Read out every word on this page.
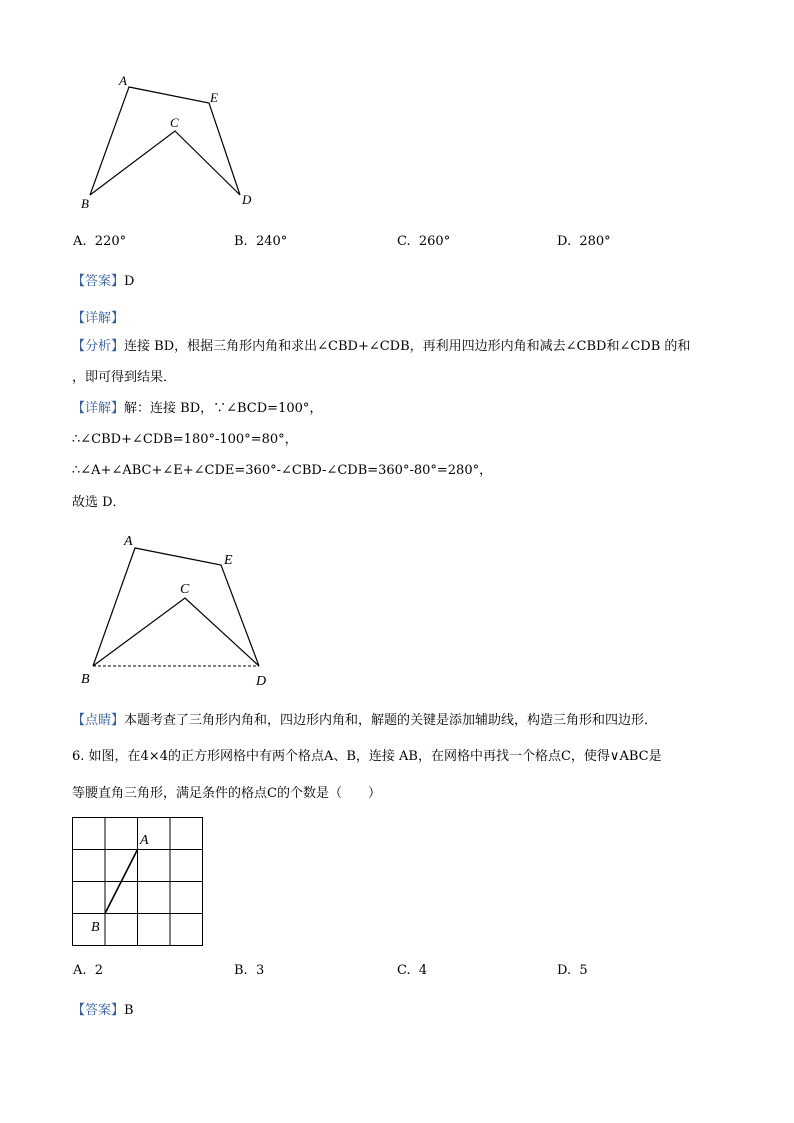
A
E
C
B	D
A. 220°	B. 240°	C. 260°	D. 280°
【答案】D
【详解】
【分析】连接 BD，根据三角形内角和求出∠CBD+∠CDB，再利用四边形内角和减去∠CBD和∠CDB 的和
，即可得到结果．
【详解】解：连接 BD，∵∠BCD=100°，
∴∠CBD+∠CDB=180°-100°=80°，
∴∠A+∠ABC+∠E+∠CDE=360°-∠CBD-∠CDB=360°-80°=280°，
故选 D．
A
E
C
B	D
【点睛】本题考查了三角形内角和，四边形内角和，解题的关键是添加辅助线，构造三角形和四边形．
6. 如图，在4×4的正方形网格中有两个格点A、B，连接 AB，在网格中再找一个格点C，使得∨ABC是
等腰直角三角形，满足条件的格点C的个数是（　　）
A
B
A. 2	B. 3	C. 4	D. 5
【答案】B
